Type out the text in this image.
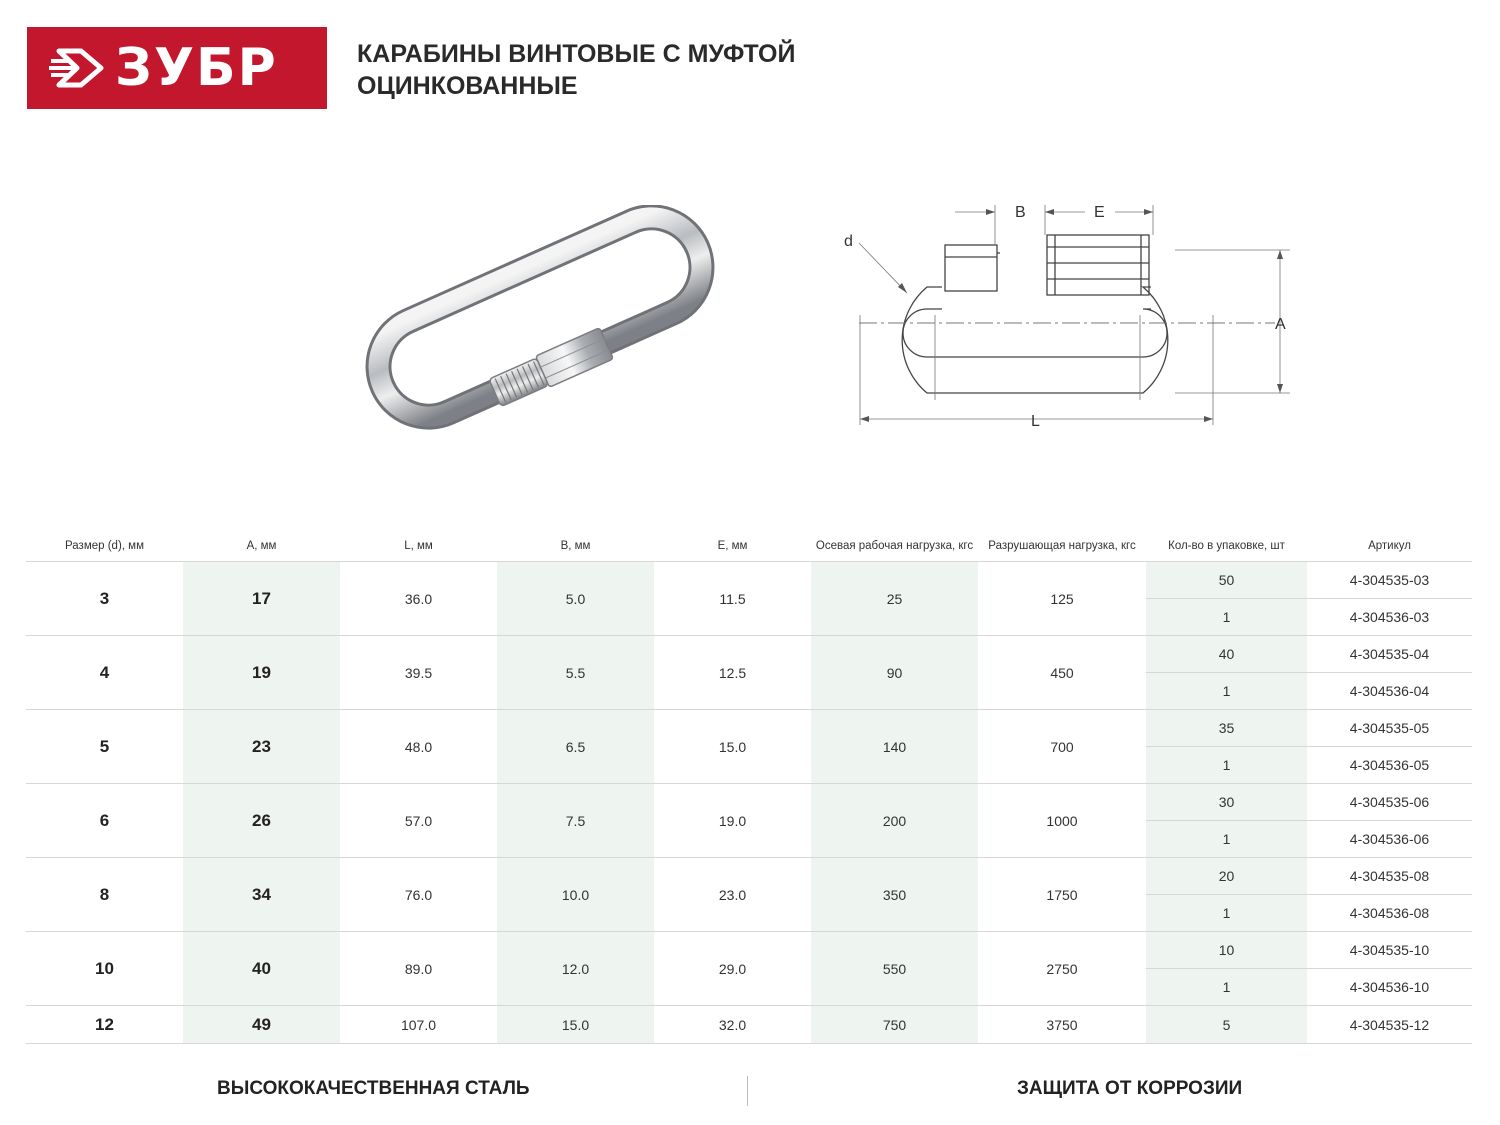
ЗУБР	КАРАБИНЫ ВИНТОВЫЕ С МУФТОЙ
ОЦИНКОВАННЫЕ
d
B	E
A
L
Размер (d), мм	А, мм	L, мм	В, мм	Е, мм	Осевая рабочая нагрузка, кгс	Разрушающая нагрузка, кгс	Кол-во в упаковке, шт	Артикул
3	17	36.0	5.0	11.5	25	125	50	4-304535-03
							1	4-304536-03
4	19	39.5	5.5	12.5	90	450	40	4-304535-04
							1	4-304536-04
5	23	48.0	6.5	15.0	140	700	35	4-304535-05
							1	4-304536-05
6	26	57.0	7.5	19.0	200	1000	30	4-304535-06
							1	4-304536-06
8	34	76.0	10.0	23.0	350	1750	20	4-304535-08
							1	4-304536-08
10	40	89.0	12.0	29.0	550	2750	10	4-304535-10
							1	4-304536-10
12	49	107.0	15.0	32.0	750	3750	5	4-304535-12
ВЫСОКОКАЧЕСТВЕННАЯ СТАЛЬ	ЗАЩИТА ОТ КОРРОЗИИ
